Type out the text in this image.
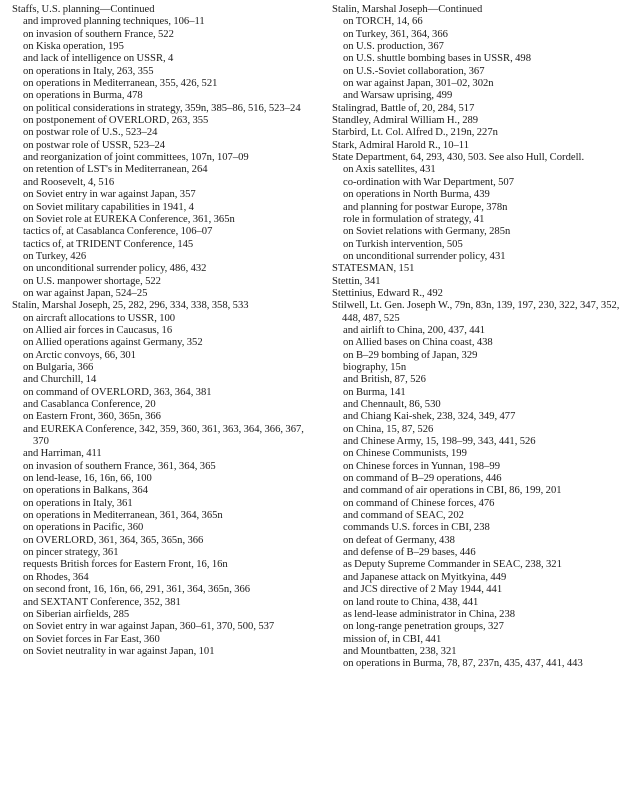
Staffs, U.S. planning—Continued

and improved planning techniques, 106–11

on invasion of southern France, 522

on Kiska operation, 195

and lack of intelligence on USSR, 4

on operations in Italy, 263, 355

on operations in Mediterranean, 355, 426, 521

on operations in Burma, 478

on political considerations in strategy, 359n, 385–86, 516, 523–24

on postponement of OVERLORD, 263, 355

on postwar role of U.S., 523–24

on postwar role of USSR, 523–24

and reorganization of joint committees, 107n, 107–09

on retention of LST's in Mediterranean, 264

and Roosevelt, 4, 516

on Soviet entry in war against Japan, 357

on Soviet military capabilities in 1941, 4

on Soviet role at EUREKA Conference, 361, 365n

tactics of, at Casablanca Conference, 106–07

tactics of, at TRIDENT Conference, 145

on Turkey, 426

on unconditional surrender policy, 486, 432

on U.S. manpower shortage, 522

on war against Japan, 524–25

Stalin, Marshal Joseph, 25, 282, 296, 334, 338, 358, 533

on aircraft allocations to USSR, 100

on Allied air forces in Caucasus, 16

on Allied operations against Germany, 352

on Arctic convoys, 66, 301

on Bulgaria, 366

and Churchill, 14

on command of OVERLORD, 363, 364, 381

and Casablanca Conference, 20

on Eastern Front, 360, 365n, 366

and EUREKA Conference, 342, 359, 360, 361, 363, 364, 366, 367, 370

and Harriman, 411

on invasion of southern France, 361, 364, 365

on lend-lease, 16, 16n, 66, 100

on operations in Balkans, 364

on operations in Italy, 361

on operations in Mediterranean, 361, 364, 365n

on operations in Pacific, 360

on OVERLORD, 361, 364, 365, 365n, 366

on pincer strategy, 361

requests British forces for Eastern Front, 16, 16n

on Rhodes, 364

on second front, 16, 16n, 66, 291, 361, 364, 365n, 366

and SEXTANT Conference, 352, 381

on Siberian airfields, 285

on Soviet entry in war against Japan, 360–61, 370, 500, 537

on Soviet forces in Far East, 360

on Soviet neutrality in war against Japan, 101

Stalin, Marshal Joseph—Continued

on TORCH, 14, 66

on Turkey, 361, 364, 366

on U.S. production, 367

on U.S. shuttle bombing bases in USSR, 498

on U.S.-Soviet collaboration, 367

on war against Japan, 301–02, 302n

and Warsaw uprising, 499

Stalingrad, Battle of, 20, 284, 517

Standley, Admiral William H., 289

Starbird, Lt. Col. Alfred D., 219n, 227n

Stark, Admiral Harold R., 10–11

State Department, 64, 293, 430, 503. See also Hull, Cordell.

on Axis satellites, 431

co-ordination with War Department, 507

on operations in North Burma, 439

and planning for postwar Europe, 378n

role in formulation of strategy, 41

on Soviet relations with Germany, 285n

on Turkish intervention, 505

on unconditional surrender policy, 431

STATESMAN, 151

Stettin, 341

Stettinius, Edward R., 492

Stilwell, Lt. Gen. Joseph W., 79n, 83n, 139, 197, 230, 322, 347, 352, 448, 487, 525

and airlift to China, 200, 437, 441

on Allied bases on China coast, 438

on B–29 bombing of Japan, 329

biography, 15n

and British, 87, 526

on Burma, 141

and Chennault, 86, 530

and Chiang Kai-shek, 238, 324, 349, 477

on China, 15, 87, 526

and Chinese Army, 15, 198–99, 343, 441, 526

on Chinese Communists, 199

on Chinese forces in Yunnan, 198–99

on command of B–29 operations, 446

and command of air operations in CBI, 86, 199, 201

on command of Chinese forces, 476

and command of SEAC, 202

commands U.S. forces in CBI, 238

on defeat of Germany, 438

and defense of B–29 bases, 446

as Deputy Supreme Commander in SEAC, 238, 321

and Japanese attack on Myitkyina, 449

and JCS directive of 2 May 1944, 441

on land route to China, 438, 441

as lend-lease administrator in China, 238

on long-range penetration groups, 327

mission of, in CBI, 441

and Mountbatten, 238, 321

on operations in Burma, 78, 87, 237n, 435, 437, 441, 443
